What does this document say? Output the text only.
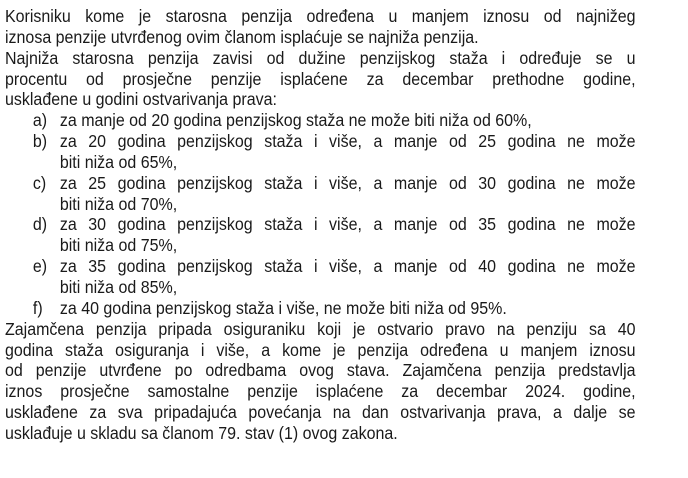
Korisniku kome je starosna penzija određena u manjem iznosu od najnižeg
iznosa penzije utvrđenog ovim članom isplaćuje se najniža penzija.
Najniža starosna penzija zavisi od dužine penzijskog staža i određuje se u
procentu od prosječne penzije isplaćene za decembar prethodne godine,
usklađene u godini ostvarivanja prava:
a) za manje od 20 godina penzijskog staža ne može biti niža od 60%,
b) za 20 godina penzijskog staža i više, a manje od 25 godina ne može
biti niža od 65%,
c) za 25 godina penzijskog staža i više, a manje od 30 godina ne može
biti niža od 70%,
d) za 30 godina penzijskog staža i više, a manje od 35 godina ne može
biti niža od 75%,
e) za 35 godina penzijskog staža i više, a manje od 40 godina ne može
biti niža od 85%,
f) za 40 godina penzijskog staža i više, ne može biti niža od 95%.
Zajamčena penzija pripada osiguraniku koji je ostvario pravo na penziju sa 40
godina staža osiguranja i više, a kome je penzija određena u manjem iznosu
od penzije utvrđene po odredbama ovog stava. Zajamčena penzija predstavlja
iznos prosječne samostalne penzije isplaćene za decembar 2024. godine,
usklađene za sva pripadajuća povećanja na dan ostvarivanja prava, a dalje se
usklađuje u skladu sa članom 79. stav (1) ovog zakona.
